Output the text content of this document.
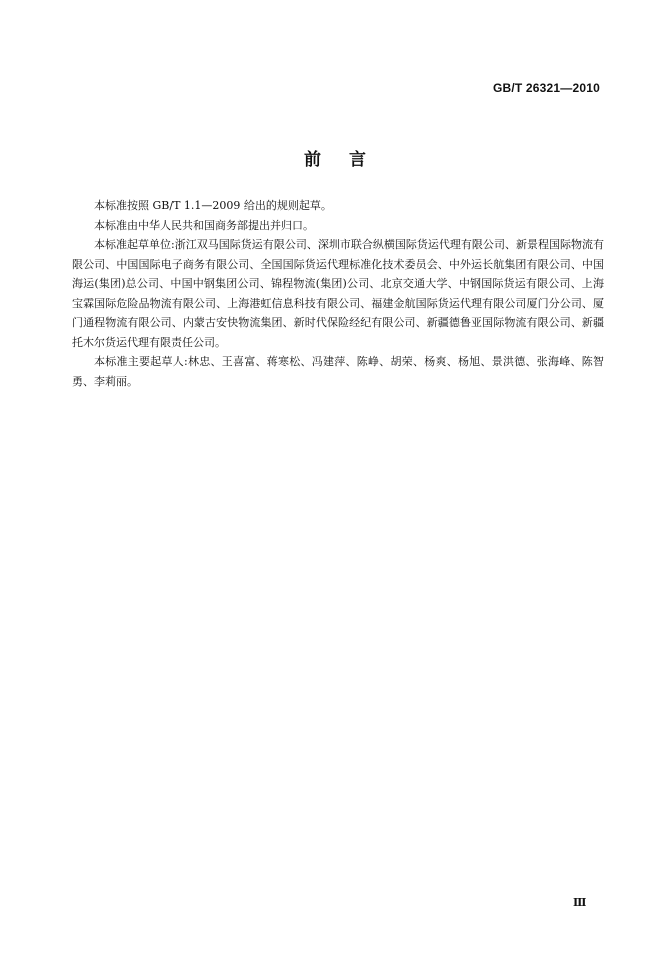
GB/T 26321—2010
前言

本标准按照 GB/T 1.1—2009 给出的规则起草。

本标准由中华人民共和国商务部提出并归口。

本标准起草单位:浙江双马国际货运有限公司、深圳市联合纵横国际货运代理有限公司、新景程国际物流有限公司、中国国际电子商务有限公司、全国国际货运代理标准化技术委员会、中外运长航集团有限公司、中国海运(集团)总公司、中国中钢集团公司、锦程物流(集团)公司、北京交通大学、中钢国际货运有限公司、上海宝霖国际危险品物流有限公司、上海港虹信息科技有限公司、福建金航国际货运代理有限公司厦门分公司、厦门通程物流有限公司、内蒙古安快物流集团、新时代保险经纪有限公司、新疆德鲁亚国际物流有限公司、新疆托木尔货运代理有限责任公司。

本标准主要起草人:林忠、王喜富、蒋寒松、冯建萍、陈峥、胡荣、杨爽、杨旭、景洪德、张海峰、陈智勇、李莉丽。

Ⅲ
